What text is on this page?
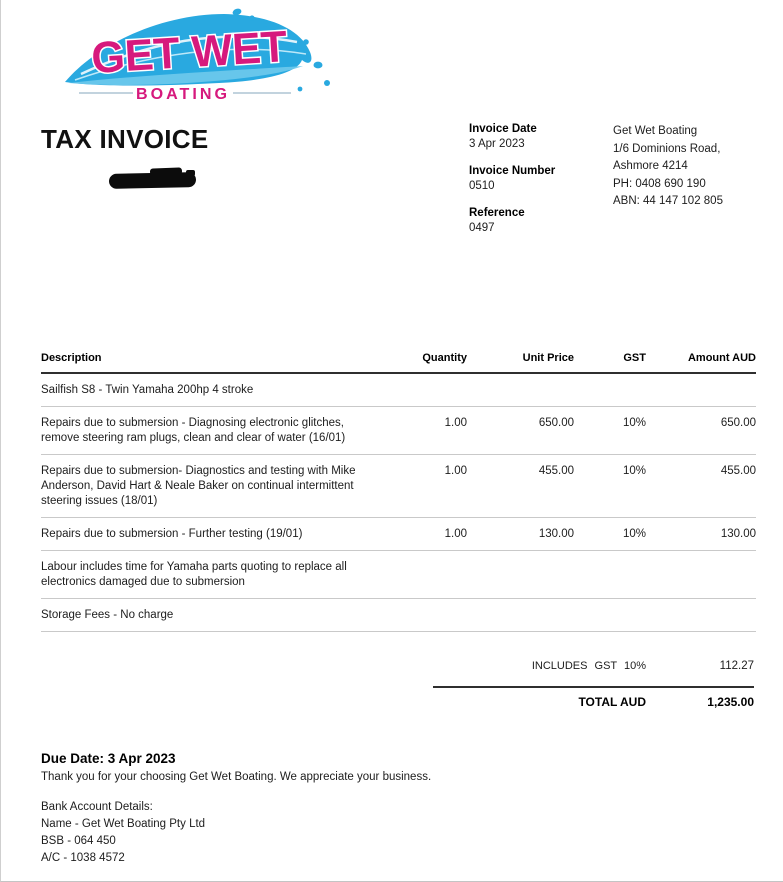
GET WET
BOATING
TAX INVOICE	Invoice Date
3 Apr 2023
Invoice Number
0510
Reference
0497
Get Wet Boating
1/6 Dominions Road,
Ashmore 4214
PH: 0408 690 190
ABN: 44 147 102 805
Description	Quantity	Unit Price	GST	Amount AUD

Sailfish S8 - Twin Yamaha 200hp 4 stroke				

Repairs due to submersion - Diagnosing electronic glitches, remove steering ram plugs, clean and clear of water (16/01)	1.00	650.00	10%	650.00

Repairs due to submersion- Diagnostics and testing with Mike Anderson, David Hart & Neale Baker on continual intermittent steering issues (18/01)	1.00	455.00	10%	455.00

Repairs due to submersion - Further testing (19/01)	1.00	130.00	10%	130.00

Labour includes time for Yamaha parts quoting to replace all electronics damaged due to submersion				

Storage Fees - No charge				

INCLUDES GST 10%	112.27
TOTAL AUD	1,235.00
Due Date: 3 Apr 2023
Thank you for your choosing Get Wet Boating. We appreciate your business.
Bank Account Details:
Name - Get Wet Boating Pty Ltd
BSB - 064 450
A/C - 1038 4572
